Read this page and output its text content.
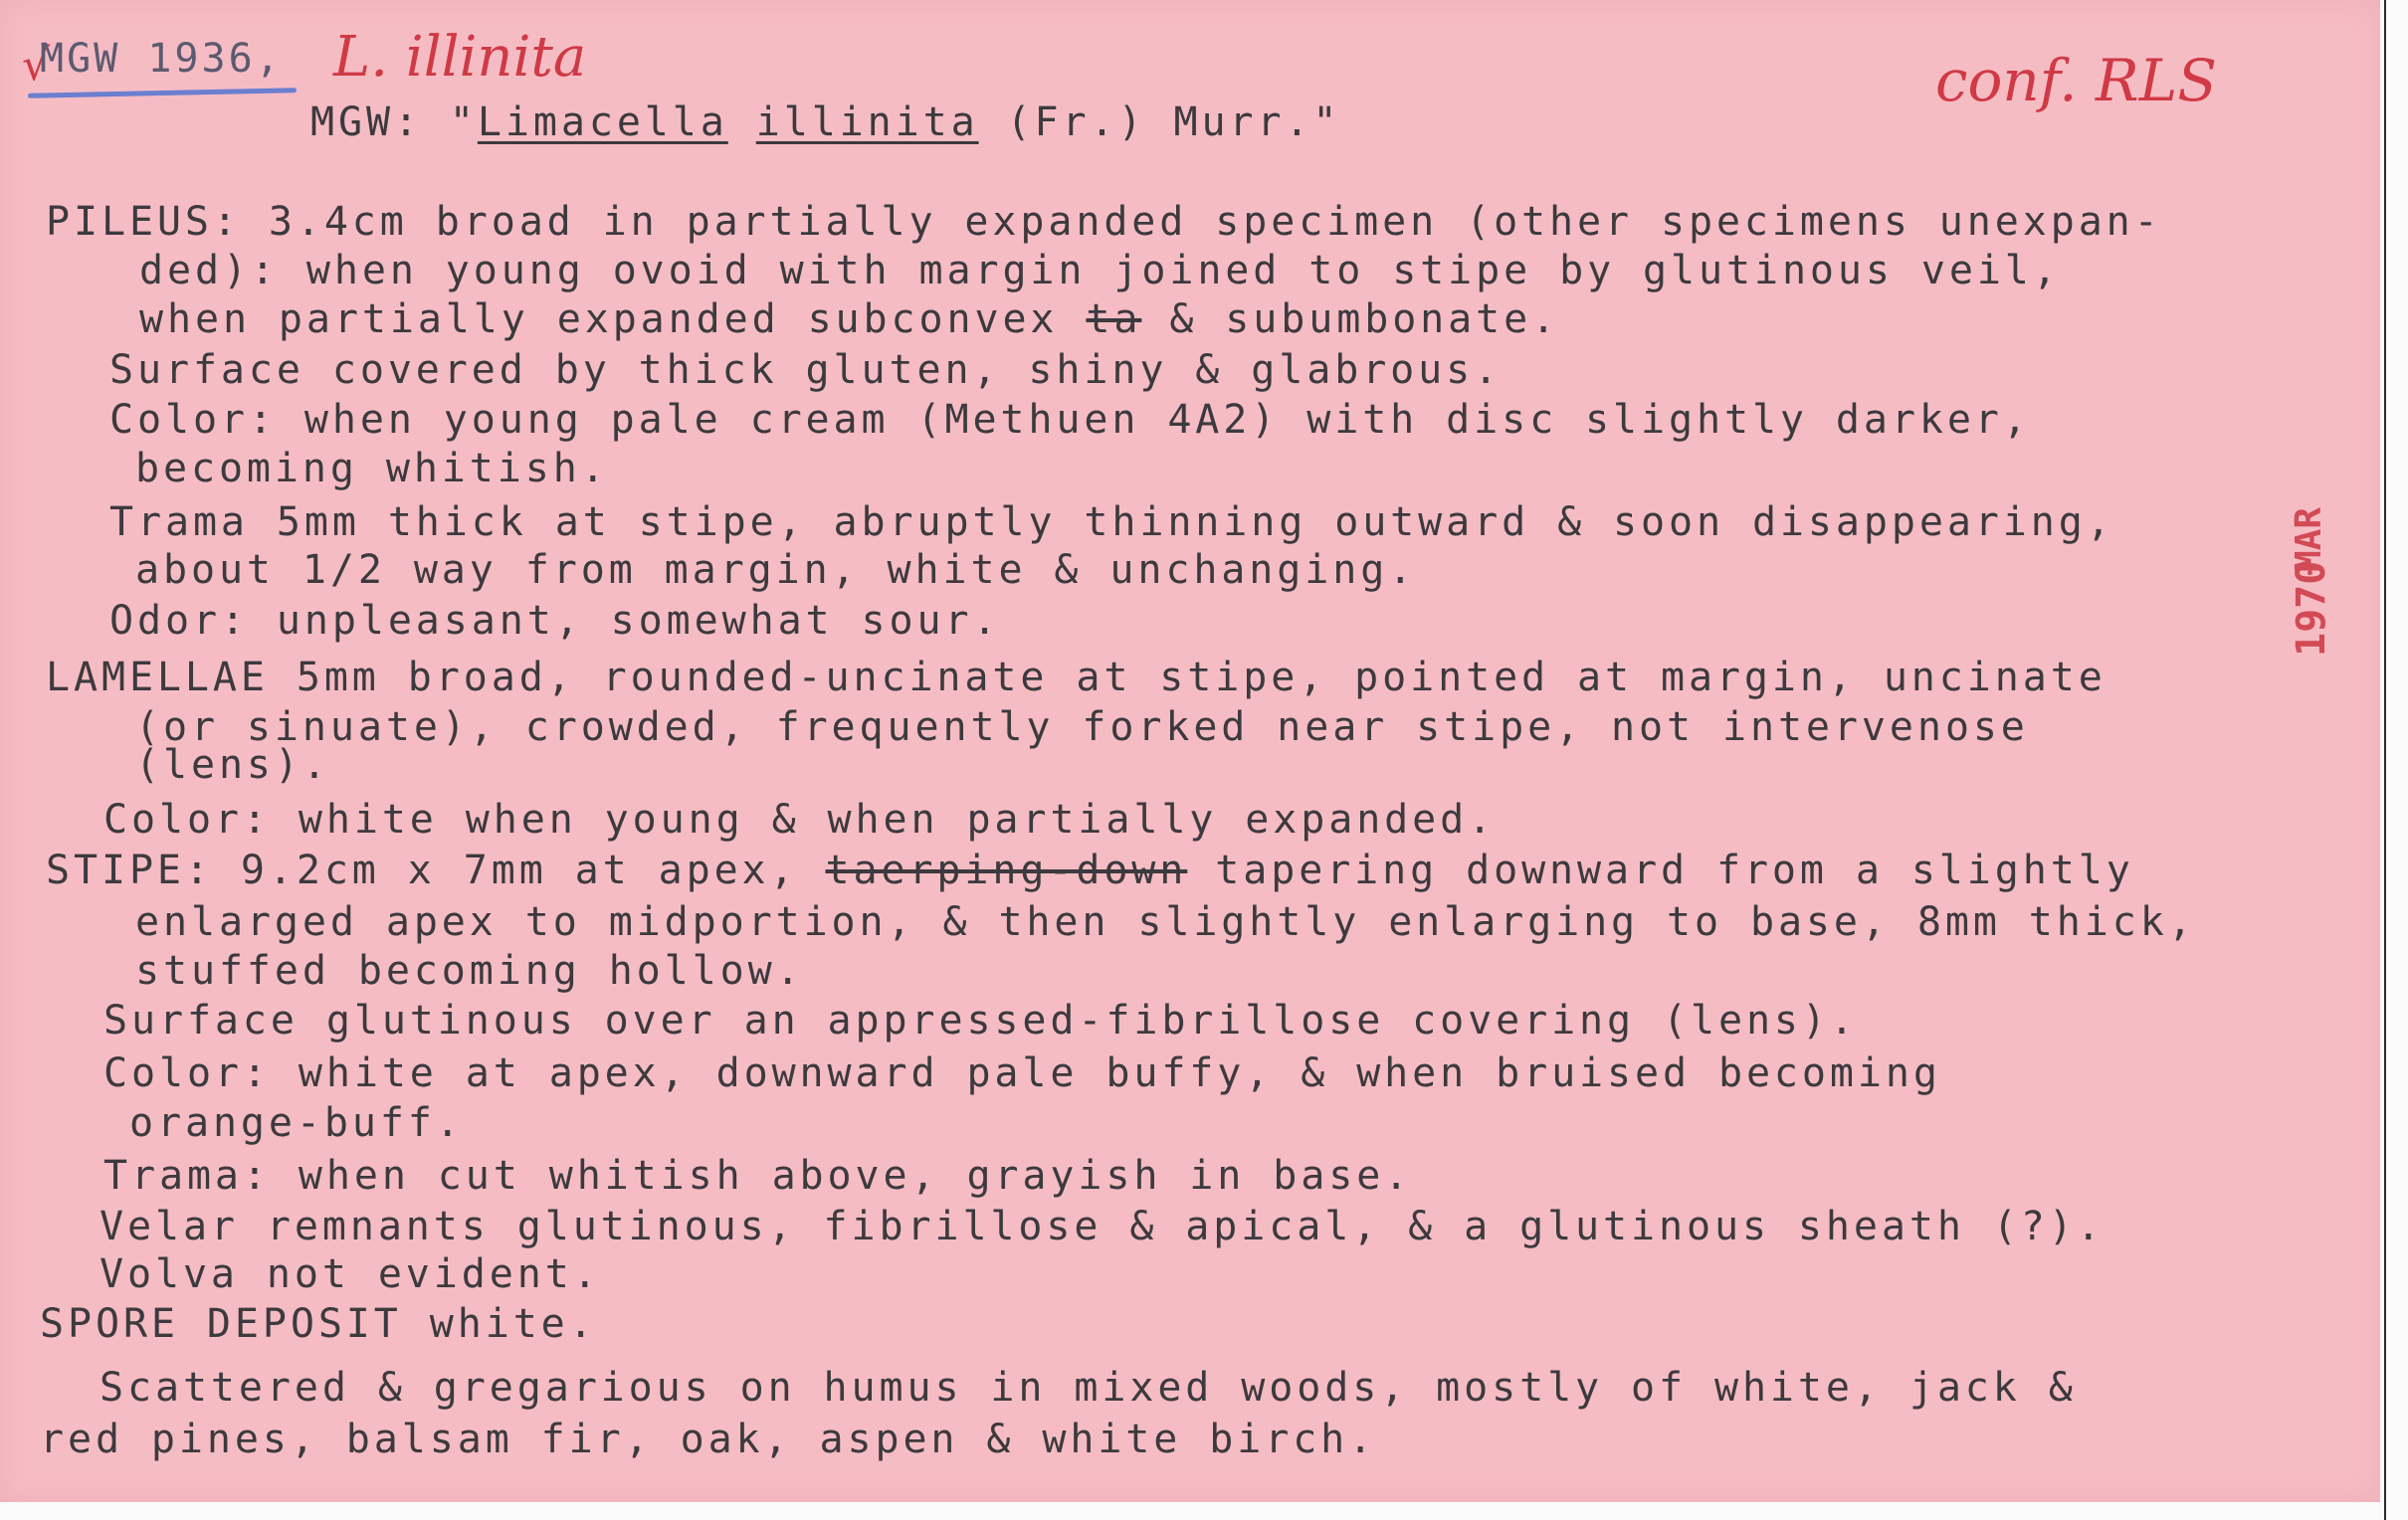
√
MGW 1936, L. illinita	conf. RLS
MGW: "Limacella illinita (Fr.) Murr."
1970
MAR
PILEUS: 3.4cm broad in partially expanded specimen (other specimens unexpan-
ded): when young ovoid with margin joined to stipe by glutinous veil,
when partially expanded subconvex ta & subumbonate.
Surface covered by thick gluten, shiny & glabrous.
Color: when young pale cream (Methuen 4A2) with disc slightly darker,
becoming whitish.
Trama 5mm thick at stipe, abruptly thinning outward & soon disappearing,
about 1/2 way from margin, white & unchanging.
Odor: unpleasant, somewhat sour.
LAMELLAE 5mm broad, rounded-uncinate at stipe, pointed at margin, uncinate
(or sinuate), crowded, frequently forked near stipe, not intervenose
(lens).
Color: white when young & when partially expanded.
STIPE: 9.2cm x 7mm at apex, taerping-down tapering downward from a slightly
enlarged apex to midportion, & then slightly enlarging to base, 8mm thick,
stuffed becoming hollow.
Surface glutinous over an appressed-fibrillose covering (lens).
Color: white at apex, downward pale buffy, & when bruised becoming
orange-buff.
Trama: when cut whitish above, grayish in base.
Velar remnants glutinous, fibrillose & apical, & a glutinous sheath (?).
Volva not evident.
SPORE DEPOSIT white.
Scattered & gregarious on humus in mixed woods, mostly of white, jack &
red pines, balsam fir, oak, aspen & white birch.
